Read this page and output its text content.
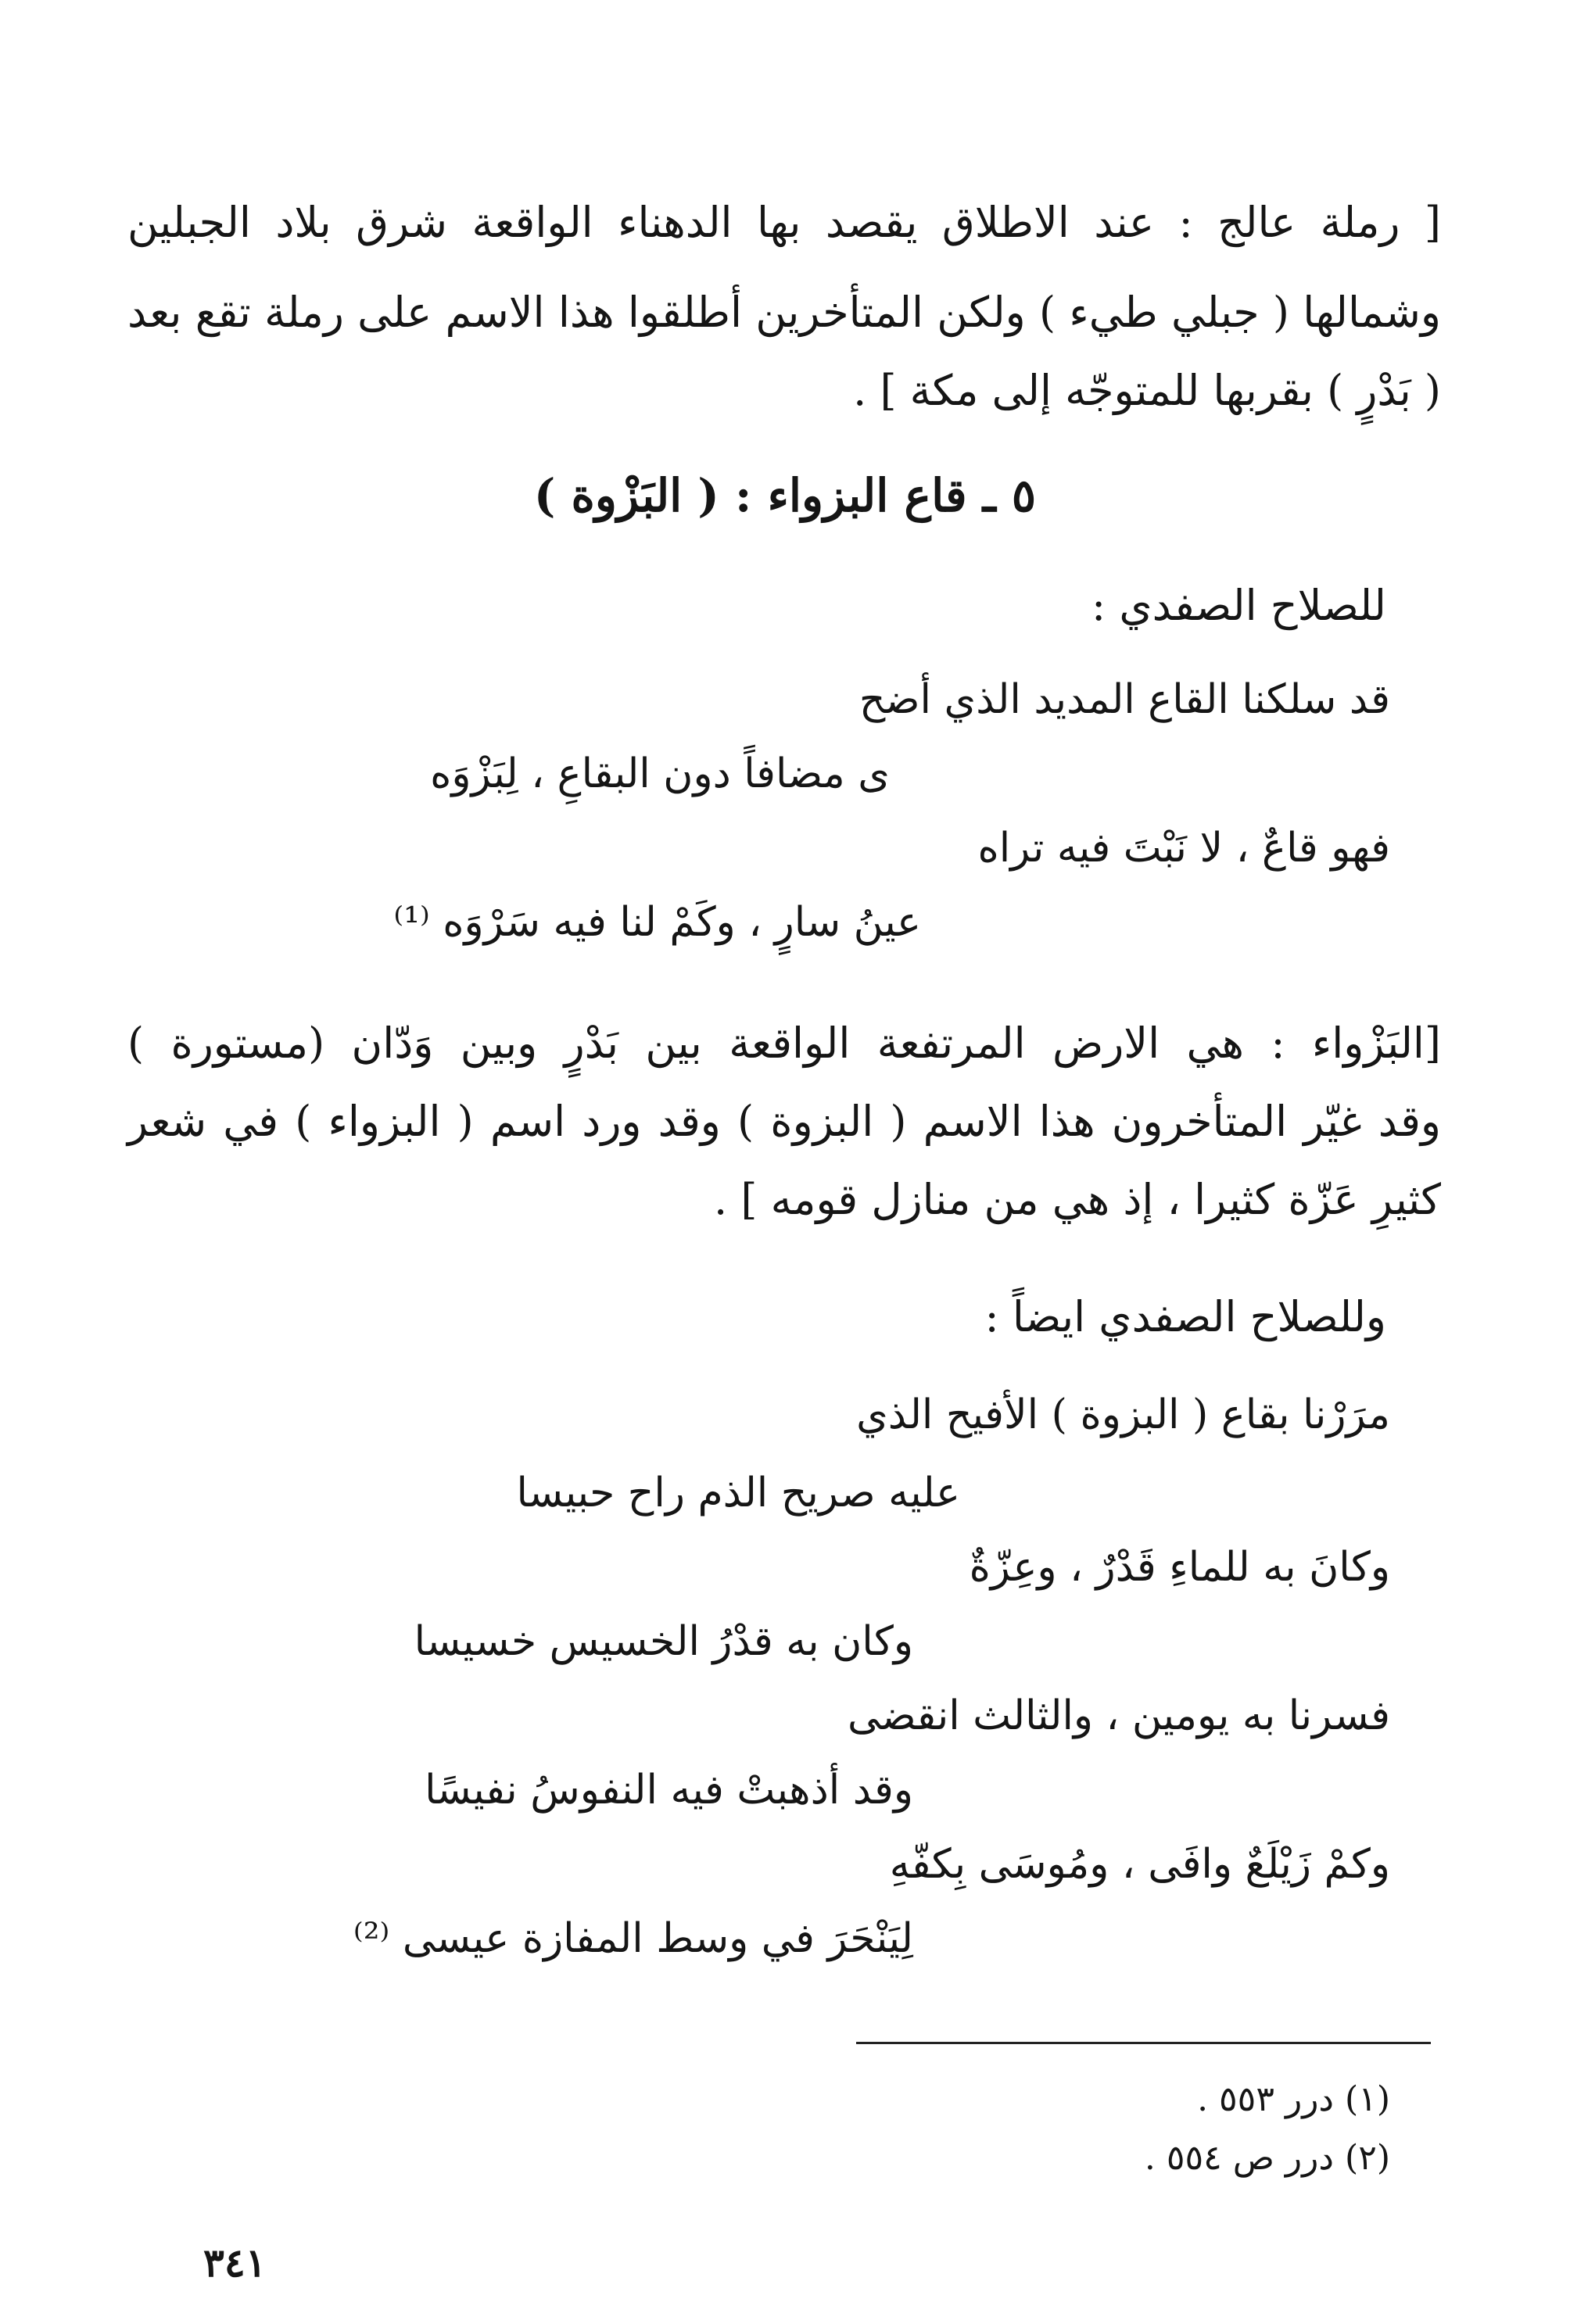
[ رملة عالج : عند الاطلاق يقصد بها الدهناء الواقعة شرق بلاد الجبلين
وشمالها ( جبلي طيء ) ولكن المتأخرين أطلقوا هذا الاسم على رملة تقع بعد
( بَدْرٍ ) بقربها للمتوجّه إلى مكة ] .
٥ ـ قاع البزواء : ( البَزْوة )
للصلاح الصفدي :
قد سلكنا القاع المديد الذي أضح
ى مضافاً دون البقاعِ ، لِبَزْوَه
فهو قاعٌ ، لا نَبْتَ فيه تراه
عينُ سارٍ ، وكَمْ لنا فيه سَرْوَه ⁽¹⁾
[البَزْواء : هي الارض المرتفعة الواقعة بين بَدْرٍ وبين وَدّان (مستورة )
وقد غيّر المتأخرون هذا الاسم ( البزوة ) وقد ورد اسم ( البزواء ) في شعر
كثيرِ عَزّة كثيرا ، إذ هي من منازل قومه ] .
وللصلاح الصفدي ايضاً :
مرَرْنا بقاع ( البزوة ) الأفيح الذي
عليه صريح الذم راح حبيسا
وكانَ به للماءِ قَدْرٌ ، وعِزّةٌ
وكان به قدْرُ الخسيس خسيسا
فسرنا به يومين ، والثالث انقضى
وقد أذهبتْ فيه النفوسُ نفيسًا
وكمْ زَيْلَعٌ وافَى ، ومُوسَى بِكفّهِ
لِيَنْحَرَ في وسط المفازة عيسى ⁽²⁾
(١) درر ٥٥٣ .
(٢) درر ص ٥٥٤ .
٣٤١
